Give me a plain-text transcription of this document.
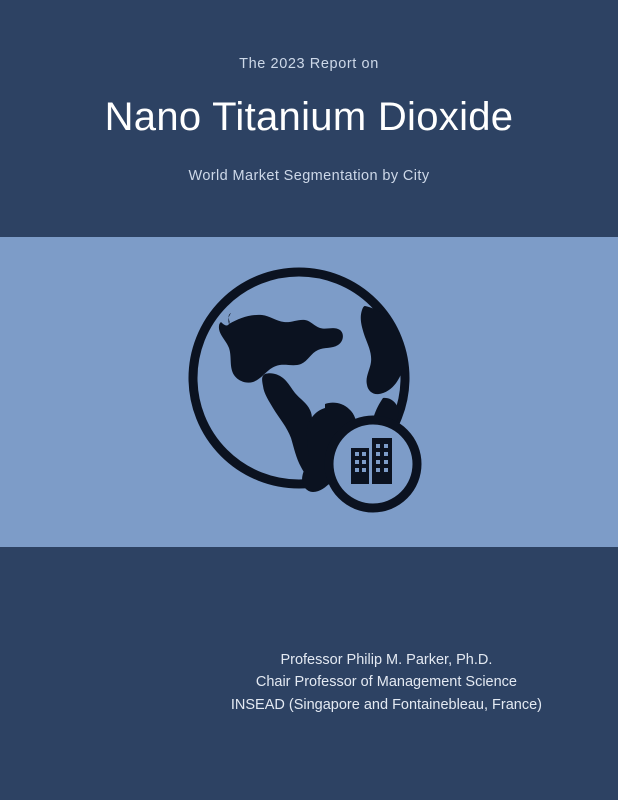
The 2023 Report on

Nano Titanium Dioxide

World Market Segmentation by City

Professor Philip M. Parker, Ph.D.
Chair Professor of Management Science
INSEAD (Singapore and Fontainebleau, France)
